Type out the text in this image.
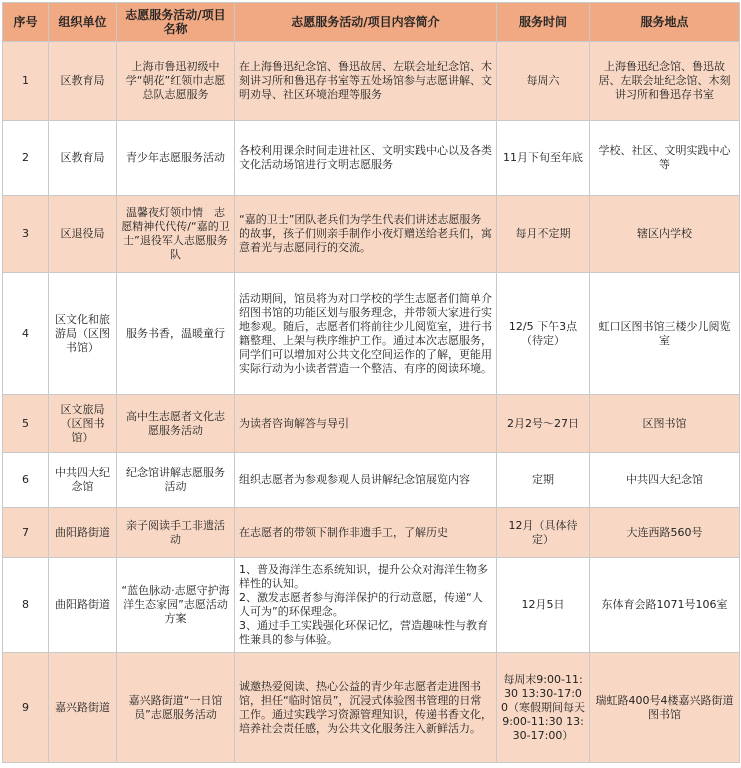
序号	组织单位	志愿服务活动/项目名称	志愿服务活动/项目内容简介	服务时间	服务地点
1	区教育局	上海市鲁迅初级中学“朝花”红领巾志愿总队志愿服务	在上海鲁迅纪念馆、鲁迅故居、左联会址纪念馆、木刻讲习所和鲁迅存书室等五处场馆参与志愿讲解、文明劝导、社区环境治理等服务	每周六	上海鲁迅纪念馆、鲁迅故居、左联会址纪念馆、木刻讲习所和鲁迅存书室
2	区教育局	青少年志愿服务活动	各校利用课余时间走进社区、文明实践中心以及各类文化活动场馆进行文明志愿服务	11月下旬至年底	学校、社区、文明实践中心等
3	区退役局	温馨夜灯领巾情　志愿精神代代传/“嘉的卫士”退役军人志愿服务队	“嘉的卫士”团队老兵们为学生代表们讲述志愿服务的故事，孩子们则亲手制作小夜灯赠送给老兵们，寓意着光与志愿同行的交流。	每月不定期	辖区内学校
4	区文化和旅游局（区图书馆）	服务书香，温暖童行	活动期间，馆员将为对口学校的学生志愿者们简单介绍图书馆的功能区划与服务理念，并带领大家进行实地参观。随后，志愿者们将前往少儿阅览室，进行书籍整理、上架与秩序维护工作。通过本次志愿服务，同学们可以增加对公共文化空间运作的了解，更能用实际行动为小读者营造一个整洁、有序的阅读环境。	12/5 下午3点（待定）	虹口区图书馆三楼少儿阅览室
5	区文旅局（区图书馆）	高中生志愿者文化志愿服务活动	为读者咨询解答与导引	2月2号～27日	区图书馆
6	中共四大纪念馆	纪念馆讲解志愿服务活动	组织志愿者为参观参观人员讲解纪念馆展览内容	定期	中共四大纪念馆
7	曲阳路街道	亲子阅读手工非遗活动	在志愿者的带领下制作非遗手工，了解历史	12月（具体待定）	大连西路560号
8	曲阳路街道	“蓝色脉动·志愿守护海洋生态家园”志愿活动方案	1、普及海洋生态系统知识，提升公众对海洋生物多样性的认知。
2、激发志愿者参与海洋保护的行动意愿，传递“人人可为”的环保理念。
3、通过手工实践强化环保记忆，营造趣味性与教育性兼具的参与体验。	12月5日	东体育会路1071号106室
9	嘉兴路街道	嘉兴路街道“一日馆员”志愿服务活动	诚邀热爱阅读、热心公益的青少年志愿者走进图书馆，担任“临时馆员”，沉浸式体验图书管理的日常工作。通过实践学习资源管理知识，传递书香文化，培养社会责任感，为公共文化服务注入新鲜活力。	每周末9:00-11:30 13:30-17:00（寒假期间每天9:00-11:30 13:30-17:00）	瑞虹路400号4楼嘉兴路街道图书馆
